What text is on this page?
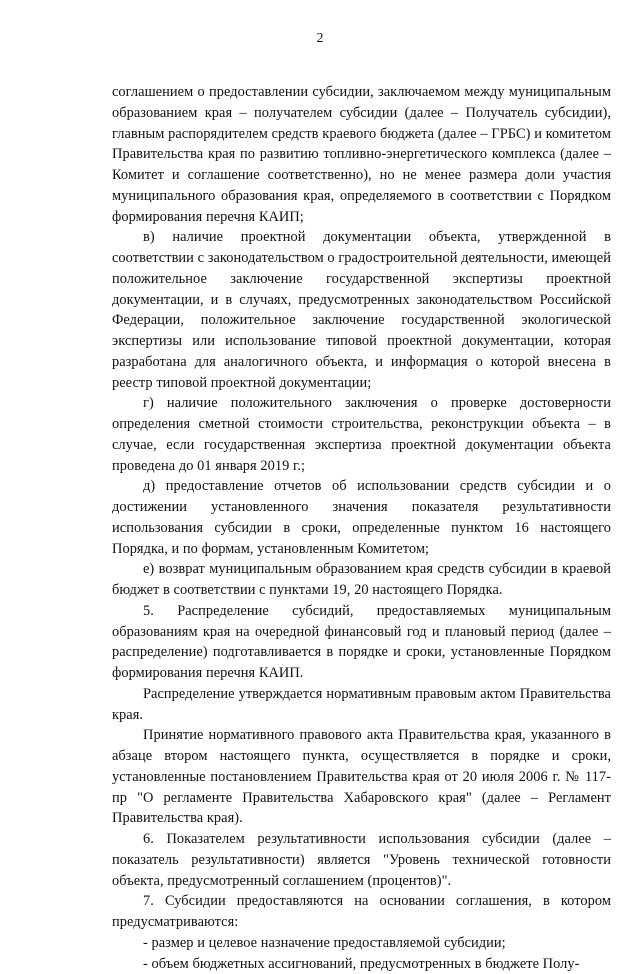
2

соглашением о предоставлении субсидии, заключаемом между муниципальным образованием края – получателем субсидии (далее – Получатель субсидии), главным распорядителем средств краевого бюджета (далее – ГРБС) и комитетом Правительства края по развитию топливно-энергетического комплекса (далее – Комитет и соглашение соответственно), но не менее размера доли участия муниципального образования края, определяемого в соответствии с Порядком формирования перечня КАИП;

в) наличие проектной документации объекта, утвержденной в соответствии с законодательством о градостроительной деятельности, имеющей положительное заключение государственной экспертизы проектной документации, и в случаях, предусмотренных законодательством Российской Федерации, положительное заключение государственной экологической экспертизы или использование типовой проектной документации, которая разработана для аналогичного объекта, и информация о которой внесена в реестр типовой проектной документации;

г) наличие положительного заключения о проверке достоверности определения сметной стоимости строительства, реконструкции объекта – в случае, если государственная экспертиза проектной документации объекта проведена до 01 января 2019 г.;

д) предоставление отчетов об использовании средств субсидии и о достижении установленного значения показателя результативности использования субсидии в сроки, определенные пунктом 16 настоящего Порядка, и по формам, установленным Комитетом;

е) возврат муниципальным образованием края средств субсидии в краевой бюджет в соответствии с пунктами 19, 20 настоящего Порядка.

5. Распределение субсидий, предоставляемых муниципальным образованиям края на очередной финансовый год и плановый период (далее – распределение) подготавливается в порядке и сроки, установленные Порядком формирования перечня КАИП.

Распределение утверждается нормативным правовым актом Правительства края.

Принятие нормативного правового акта Правительства края, указанного в абзаце втором настоящего пункта, осуществляется в порядке и сроки, установленные постановлением Правительства края от 20 июля 2006 г. № 117-пр "О регламенте Правительства Хабаровского края" (далее – Регламент Правительства края).

6. Показателем результативности использования субсидии (далее – показатель результативности) является "Уровень технической готовности объекта, предусмотренный соглашением (процентов)".

7. Субсидии предоставляются на основании соглашения, в котором предусматриваются:

- размер и целевое назначение предоставляемой субсидии;

- объем бюджетных ассигнований, предусмотренных в бюджете Полу-
